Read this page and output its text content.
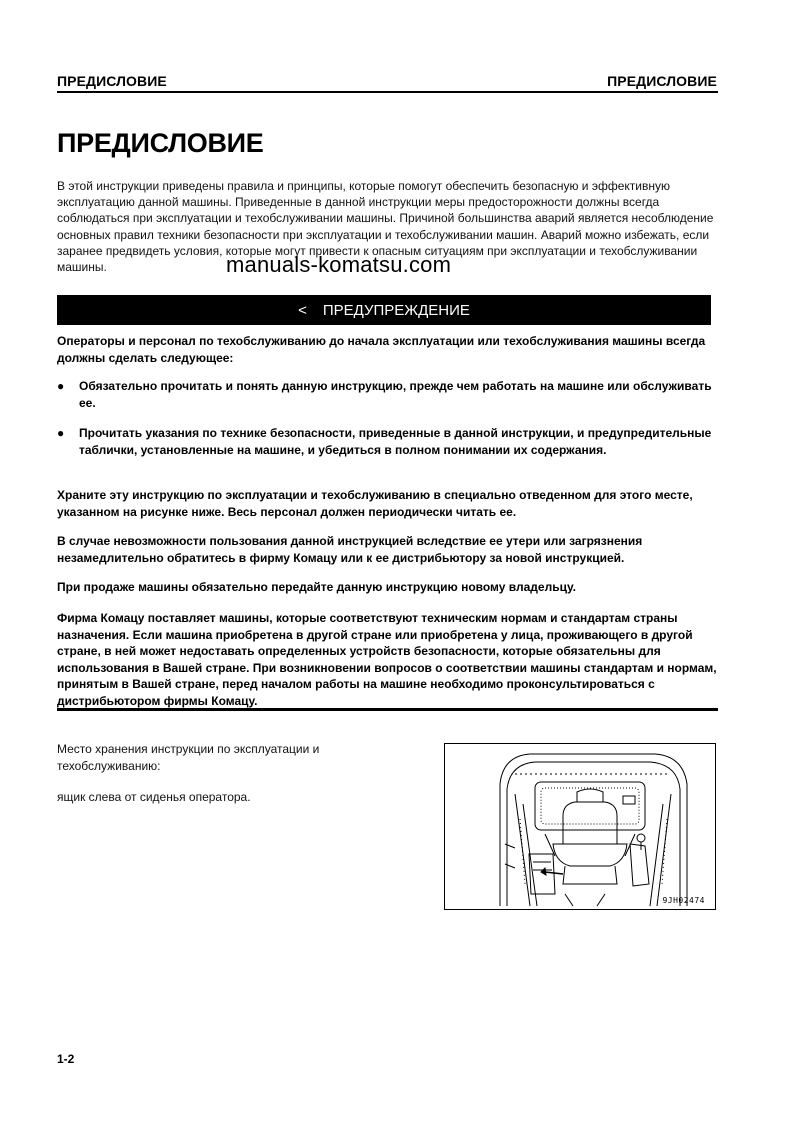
ПРЕДИСЛОВИЕ	ПРЕДИСЛОВИЕ
ПРЕДИСЛОВИЕ

В этой инструкции приведены правила и принципы, которые помогут обеспечить безопасную и эффективную эксплуатацию данной машины. Приведенные в данной инструкции меры предосторожности должны всегда соблюдаться при эксплуатации и техобслуживании машины. Причиной большинства аварий является несоблюдение основных правил техники безопасности при эксплуатации и техобслуживании машин. Аварий можно избежать, если заранее предвидеть условия, которые могут привести к опасным ситуациям при эксплуатации и техобслуживании машины.	manuals-komatsu.com
< ПРЕДУПРЕЖДЕНИЕ

Операторы и персонал по техобслуживанию до начала эксплуатации или техобслуживания машины всегда должны сделать следующее:

●	Обязательно прочитать и понять данную инструкцию, прежде чем работать на машине или обслуживать ее.
●	Прочитать указания по технике безопасности, приведенные в данной инструкции, и предупредительные таблички, установленные на машине, и убедиться в полном понимании их содержания.

Храните эту инструкцию по эксплуатации и техобслуживанию в специально отведенном для этого месте, указанном на рисунке ниже. Весь персонал должен периодически читать ее.

В случае невозможности пользования данной инструкцией вследствие ее утери или загрязнения незамедлительно обратитесь в фирму Комацу или к ее дистрибьютору за новой инструкцией.

При продаже машины обязательно передайте данную инструкцию новому владельцу.

Фирма Комацу поставляет машины, которые соответствуют техническим нормам и стандартам страны назначения. Если машина приобретена в другой стране или приобретена у лица, проживающего в другой стране, в ней может недоставать определенных устройств безопасности, которые обязательны для использования в Вашей стране. При возникновении вопросов о соответствии машины стандартам и нормам, принятым в Вашей стране, перед началом работы на машине необходимо проконсультироваться с дистрибьютором фирмы Комацу.

Место хранения инструкции по эксплуатации и техобслуживанию:

ящик слева от сиденья оператора.

9JH02474
1-2
